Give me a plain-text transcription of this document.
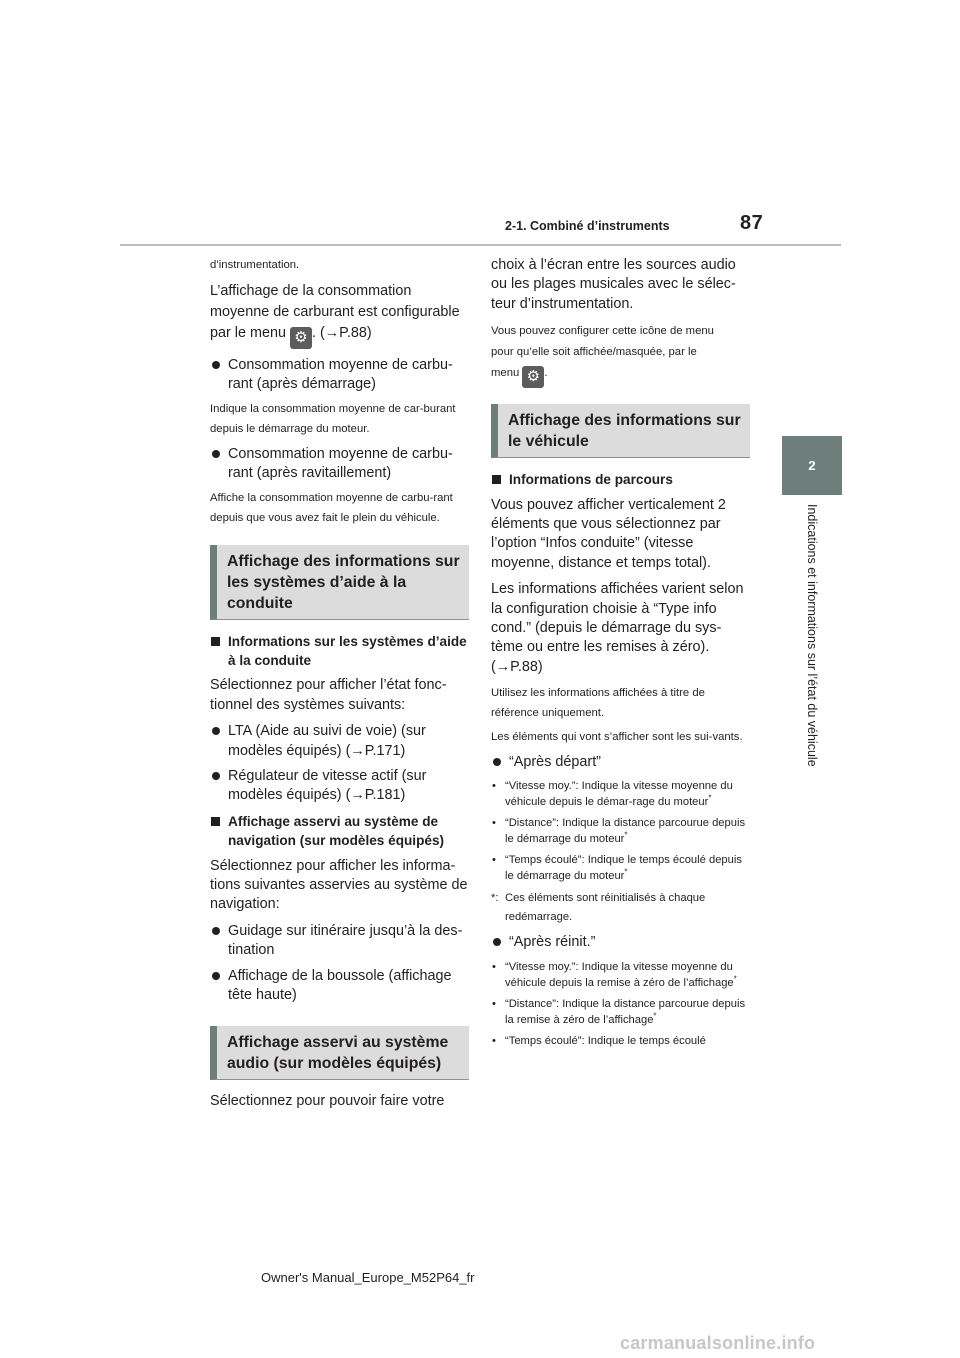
2-1. Combiné d’instruments	87
2
Indications et informations sur l’état du véhicule

d’instrumentation.

L’affichage de la consommation
moyenne de carburant est configurable
par le menu ⚙ . (→P.88)

Consommation moyenne de carbu-rant (après démarrage)

Indique la consommation moyenne de car-burant depuis le démarrage du moteur.

Consommation moyenne de carbu-rant (après ravitaillement)

Affiche la consommation moyenne de carbu-rant depuis que vous avez fait le plein du véhicule.

Affichage des informations sur les systèmes d’aide à la conduite

Informations sur les systèmes d’aide à la conduite

Sélectionnez pour afficher l’état fonc-tionnel des systèmes suivants:

LTA (Aide au suivi de voie) (sur modèles équipés) (→P.171)

Régulateur de vitesse actif (sur modèles équipés) (→P.181)

Affichage asservi au système de navigation (sur modèles équipés)

Sélectionnez pour afficher les informa-tions suivantes asservies au système de navigation:

Guidage sur itinéraire jusqu’à la des-tination

Affichage de la boussole (affichage tête haute)

Affichage asservi au système audio (sur modèles équipés)

Sélectionnez pour pouvoir faire votre

choix à l’écran entre les sources audio ou les plages musicales avec le sélec-teur d’instrumentation.

Vous pouvez configurer cette icône de menu
pour qu’elle soit affichée/masquée, par le
menu ⚙ .

Affichage des informations sur le véhicule

Informations de parcours

Vous pouvez afficher verticalement 2 éléments que vous sélectionnez par l’option “Infos conduite” (vitesse moyenne, distance et temps total).

Les informations affichées varient selon la configuration choisie à “Type info cond.” (depuis le démarrage du sys-tème ou entre les remises à zéro). (→P.88)

Utilisez les informations affichées à titre de référence uniquement.

Les éléments qui vont s’afficher sont les sui-vants.

“Après départ”

• “Vitesse moy.”: Indique la vitesse moyenne du véhicule depuis le démar-rage du moteur*

• “Distance”: Indique la distance parcourue depuis le démarrage du moteur*

• “Temps écoulé”: Indique le temps écoulé depuis le démarrage du moteur*

*: Ces éléments sont réinitialisés à chaque redémarrage.

“Après réinit.”

• “Vitesse moy.”: Indique la vitesse moyenne du véhicule depuis la remise à zéro de l’affichage*

• “Distance”: Indique la distance parcourue depuis la remise à zéro de l’affichage*

• “Temps écoulé”: Indique le temps écoulé

Owner's Manual_Europe_M52P64_fr
carmanualsonline.info
